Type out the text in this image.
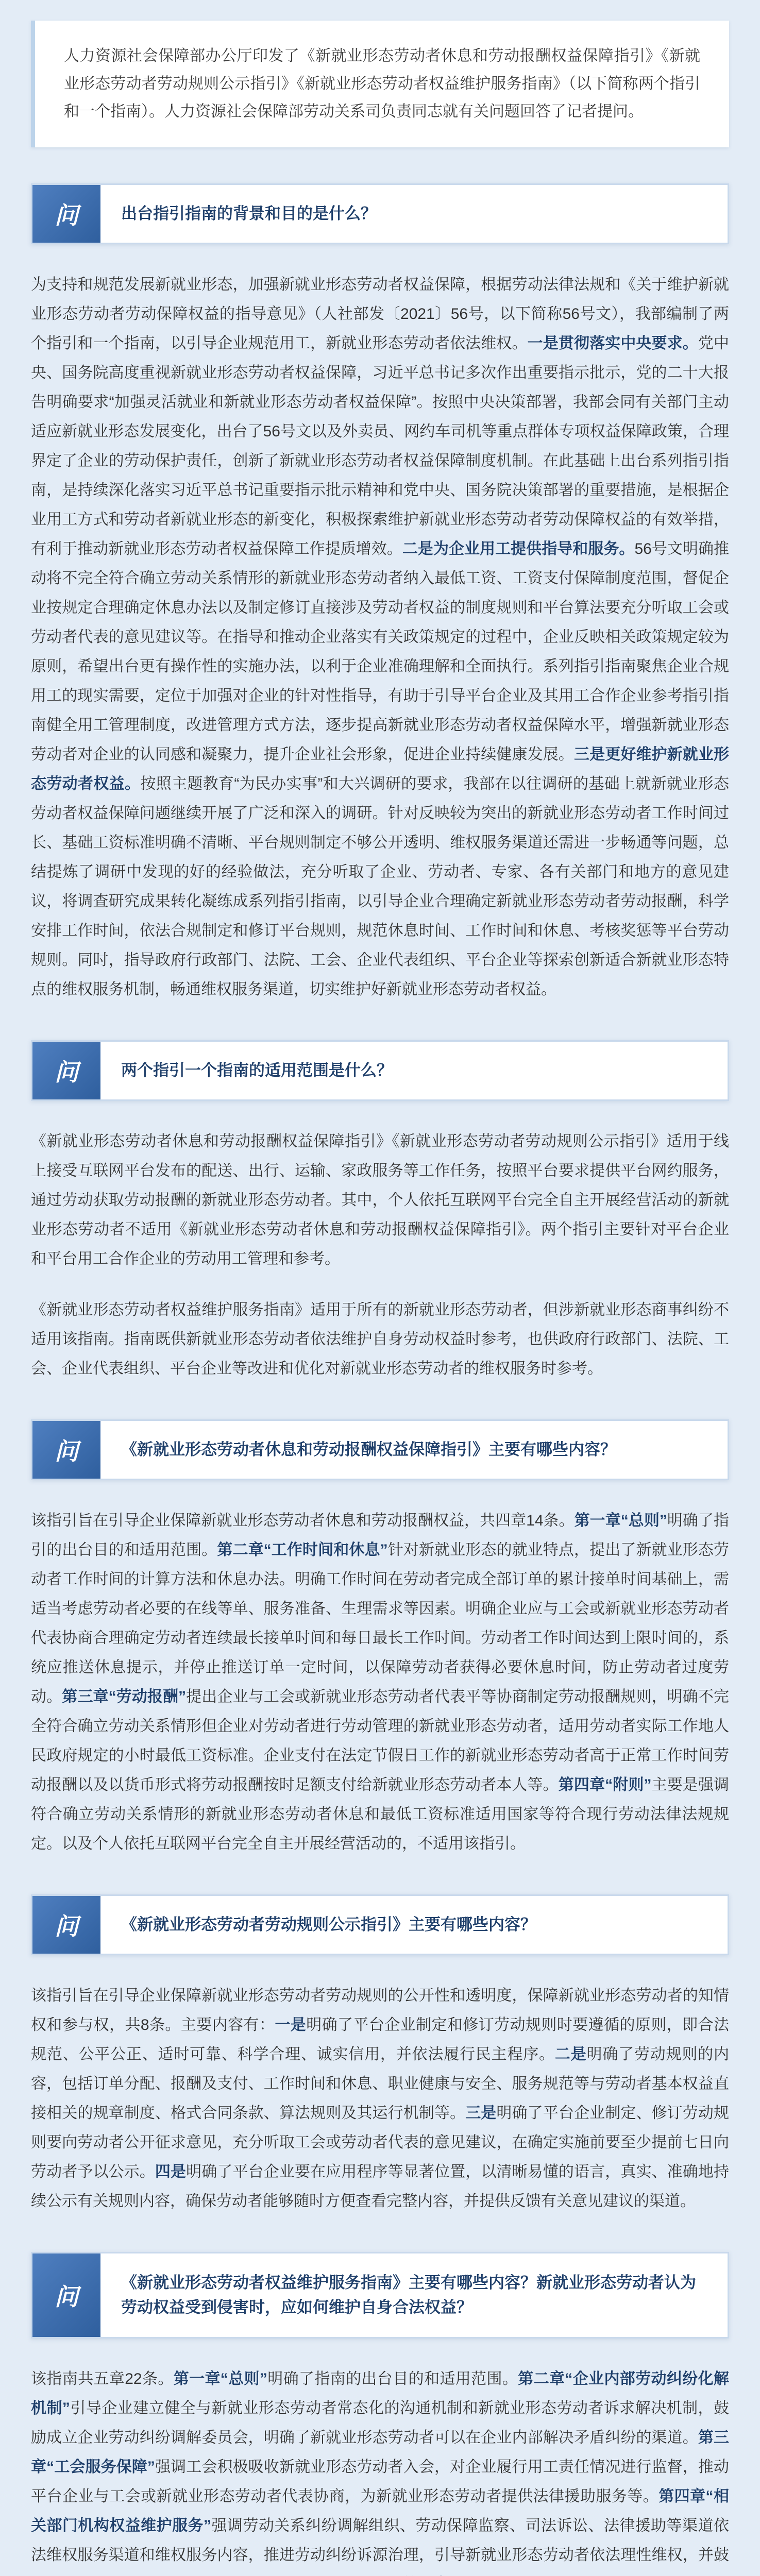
人力资源社会保障部办公厅印发了《新就业形态劳动者休息和劳动报酬权益保障指引》《新就业形态劳动者劳动规则公示指引》《新就业形态劳动者权益维护服务指南》（以下简称两个指引和一个指南）。人力资源社会保障部劳动关系司负责同志就有关问题回答了记者提问。

问	出台指引指南的背景和目的是什么？

为支持和规范发展新就业形态，加强新就业形态劳动者权益保障，根据劳动法律法规和《关于维护新就业形态劳动者劳动保障权益的指导意见》（人社部发〔2021〕56号，以下简称56号文），我部编制了两个指引和一个指南，以引导企业规范用工，新就业形态劳动者依法维权。一是贯彻落实中央要求。党中央、国务院高度重视新就业形态劳动者权益保障，习近平总书记多次作出重要指示批示，党的二十大报告明确要求“加强灵活就业和新就业形态劳动者权益保障”。按照中央决策部署，我部会同有关部门主动适应新就业形态发展变化，出台了56号文以及外卖员、网约车司机等重点群体专项权益保障政策，合理界定了企业的劳动保护责任，创新了新就业形态劳动者权益保障制度机制。在此基础上出台系列指引指南，是持续深化落实习近平总书记重要指示批示精神和党中央、国务院决策部署的重要措施，是根据企业用工方式和劳动者新就业形态的新变化，积极探索维护新就业形态劳动者劳动保障权益的有效举措，有利于推动新就业形态劳动者权益保障工作提质增效。二是为企业用工提供指导和服务。56号文明确推动将不完全符合确立劳动关系情形的新就业形态劳动者纳入最低工资、工资支付保障制度范围，督促企业按规定合理确定休息办法以及制定修订直接涉及劳动者权益的制度规则和平台算法要充分听取工会或劳动者代表的意见建议等。在指导和推动企业落实有关政策规定的过程中，企业反映相关政策规定较为原则，希望出台更有操作性的实施办法，以利于企业准确理解和全面执行。系列指引指南聚焦企业合规用工的现实需要，定位于加强对企业的针对性指导，有助于引导平台企业及其用工合作企业参考指引指南健全用工管理制度，改进管理方式方法，逐步提高新就业形态劳动者权益保障水平，增强新就业形态劳动者对企业的认同感和凝聚力，提升企业社会形象，促进企业持续健康发展。三是更好维护新就业形态劳动者权益。按照主题教育“为民办实事”和大兴调研的要求，我部在以往调研的基础上就新就业形态劳动者权益保障问题继续开展了广泛和深入的调研。针对反映较为突出的新就业形态劳动者工作时间过长、基础工资标准明确不清晰、平台规则制定不够公开透明、维权服务渠道还需进一步畅通等问题，总结提炼了调研中发现的好的经验做法，充分听取了企业、劳动者、专家、各有关部门和地方的意见建议，将调查研究成果转化凝练成系列指引指南，以引导企业合理确定新就业形态劳动者劳动报酬，科学安排工作时间，依法合规制定和修订平台规则，规范休息时间、工作时间和休息、考核奖惩等平台劳动规则。同时，指导政府行政部门、法院、工会、企业代表组织、平台企业等探索创新适合新就业形态特点的维权服务机制，畅通维权服务渠道，切实维护好新就业形态劳动者权益。

问	两个指引一个指南的适用范围是什么？

《新就业形态劳动者休息和劳动报酬权益保障指引》《新就业形态劳动者劳动规则公示指引》适用于线上接受互联网平台发布的配送、出行、运输、家政服务等工作任务，按照平台要求提供平台网约服务，通过劳动获取劳动报酬的新就业形态劳动者。其中，个人依托互联网平台完全自主开展经营活动的新就业形态劳动者不适用《新就业形态劳动者休息和劳动报酬权益保障指引》。两个指引主要针对平台企业和平台用工合作企业的劳动用工管理和参考。

《新就业形态劳动者权益维护服务指南》适用于所有的新就业形态劳动者，但涉新就业形态商事纠纷不适用该指南。指南既供新就业形态劳动者依法维护自身劳动权益时参考，也供政府行政部门、法院、工会、企业代表组织、平台企业等改进和优化对新就业形态劳动者的维权服务时参考。

问	《新就业形态劳动者休息和劳动报酬权益保障指引》主要有哪些内容？

该指引旨在引导企业保障新就业形态劳动者休息和劳动报酬权益，共四章14条。第一章“总则”明确了指引的出台目的和适用范围。第二章“工作时间和休息”针对新就业形态的就业特点，提出了新就业形态劳动者工作时间的计算方法和休息办法。明确工作时间在劳动者完成全部订单的累计接单时间基础上，需适当考虑劳动者必要的在线等单、服务准备、生理需求等因素。明确企业应与工会或新就业形态劳动者代表协商合理确定劳动者连续最长接单时间和每日最长工作时间。劳动者工作时间达到上限时间的，系统应推送休息提示，并停止推送订单一定时间，以保障劳动者获得必要休息时间，防止劳动者过度劳动。第三章“劳动报酬”提出企业与工会或新就业形态劳动者代表平等协商制定劳动报酬规则，明确不完全符合确立劳动关系情形但企业对劳动者进行劳动管理的新就业形态劳动者，适用劳动者实际工作地人民政府规定的小时最低工资标准。企业支付在法定节假日工作的新就业形态劳动者高于正常工作时间劳动报酬以及以货币形式将劳动报酬按时足额支付给新就业形态劳动者本人等。第四章“附则”主要是强调符合确立劳动关系情形的新就业形态劳动者休息和最低工资标准适用国家等符合现行劳动法律法规规定。以及个人依托互联网平台完全自主开展经营活动的，不适用该指引。

问	《新就业形态劳动者劳动规则公示指引》主要有哪些内容？

该指引旨在引导企业保障新就业形态劳动者劳动规则的公开性和透明度，保障新就业形态劳动者的知情权和参与权，共8条。主要内容有：一是明确了平台企业制定和修订劳动规则时要遵循的原则，即合法规范、公平公正、适时可靠、科学合理、诚实信用，并依法履行民主程序。二是明确了劳动规则的内容，包括订单分配、报酬及支付、工作时间和休息、职业健康与安全、服务规范等与劳动者基本权益直接相关的规章制度、格式合同条款、算法规则及其运行机制等。三是明确了平台企业制定、修订劳动规则要向劳动者公开征求意见，充分听取工会或劳动者代表的意见建议，在确定实施前要至少提前七日向劳动者予以公示。四是明确了平台企业要在应用程序等显著位置，以清晰易懂的语言，真实、准确地持续公示有关规则内容，确保劳动者能够随时方便查看完整内容，并提供反馈有关意见建议的渠道。

问
《新就业形态劳动者权益维护服务指南》主要有哪些内容？新就业形态劳动者认为劳动权益受到侵害时，应如何维护自身合法权益？

该指南共五章22条。第一章“总则”明确了指南的出台目的和适用范围。第二章“企业内部劳动纠纷化解机制”引导企业建立健全与新就业形态劳动者常态化的沟通机制和新就业形态劳动者诉求解决机制，鼓励成立企业劳动纠纷调解委员会，明确了新就业形态劳动者可以在企业内部解决矛盾纠纷的渠道。第三章“工会服务保障”强调工会积极吸收新就业形态劳动者入会，对企业履行用工责任情况进行监督，推动平台企业与工会或新就业形态劳动者代表协商，为新就业形态劳动者提供法律援助服务等。第四章“相关部门机构权益维护服务”强调劳动关系纠纷调解组织、劳动保障监察、司法诉讼、法律援助等渠道依法维权服务渠道和维权服务内容，推进劳动纠纷诉源治理，引导新就业形态劳动者依法理性维权，并鼓
